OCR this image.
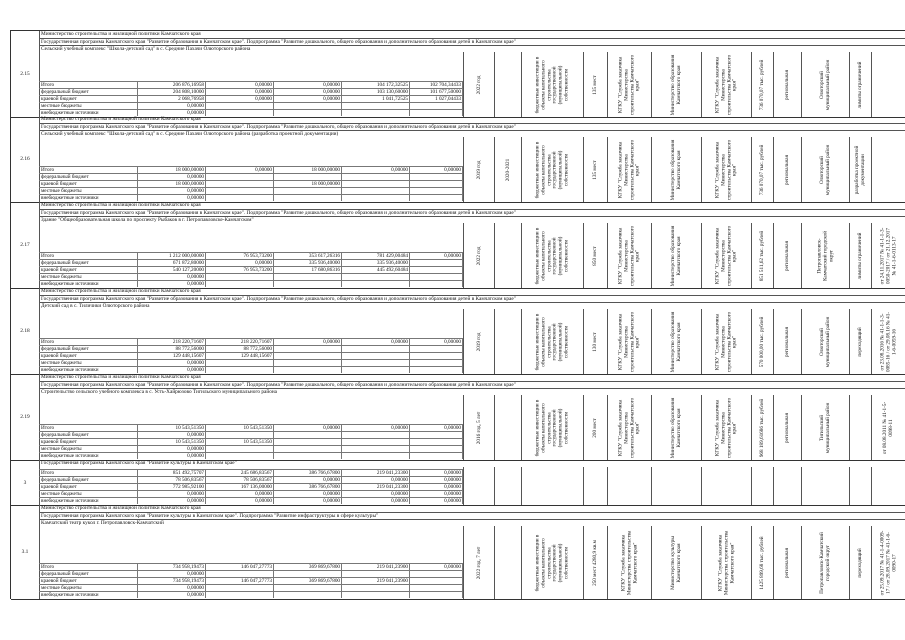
Министерство строительства и жилищной политики Камчатского края
Государственная программа Камчатского края "Развитие образования в Камчатском крае". Подпрограмма "Развитие дошкольного, общего образования и дополнительного образования детей в Камчатском крае"
Сельский учебный комплекс "Школа-детский сад" в с. Средние Пахачи Олюторского района
2.15
Итого	206 876,16958	0,00000	0,00000	104 172,32525	102 704,34433
федеральный бюджет	204 808,10000	0,00000	0,00000	103 130,60000	101 677,50000
краевой бюджет	2 068,76958	0,00000	0,00000	1 041,72525	1 027,04433
местные бюджеты	0,00000
внебюджетные источники	0,00000
2022 год	бюджетные инвестиции в объекты капитального строительства государственной (муниципальной) собственности	135 мест	КГКУ "Служба заказчика Министерства строительства Камчатского края"	Министерство образования Камчатского края	КГКУ "Служба заказчика Министерства строительства Камчатского края"	736 070,07 тыс. рублей	региональная	Олюторский муниципальный район	лимиты ограничений
Министерство строительства и жилищной политики Камчатского края
Государственная программа Камчатского края "Развитие образования в Камчатском крае". Подпрограмма "Развитие дошкольного, общего образования и дополнительного образования детей в Камчатском крае"
Сельский учебный комплекс "Школа-детский сад" в с. Средние Пахачи Олюторского района (разработка проектной документации)
2.16
Итого	18 000,00000	0,00000	18 000,00000	0,00000	0,00000
федеральный бюджет	0,00000
краевой бюджет	18 000,00000	18 000,00000
местные бюджеты	0,00000
внебюджетные источники	0,00000
2019 год	2020-2021	бюджетные инвестиции в объекты капитального строительства государственной (муниципальной) собственности	135 мест	КГКУ "Служба заказчика Министерства строительства Камчатского края"	Министерство образования Камчатского края	КГКУ "Служба заказчика Министерства строительства Камчатского края"	736 070,07 тыс. рублей	региональная	Олюторский муниципальный район	разработка проектной документации
Министерство строительства и жилищной политики Камчатского края
Государственная программа Камчатского края "Развитие образования в Камчатском крае". Подпрограмма "Развитие дошкольного, общего образования и дополнительного образования детей в Камчатском крае"
Здание "Общеобразовательная школа по проспекту Рыбаков в г. Петропавловске-Камчатском"
2.17
Итого	1 212 000,00000	76 953,73200	353 617,26316	781 429,00484	0,00000
федеральный бюджет	671 872,80000	0,00000	335 936,40000	335 936,40000
краевой бюджет	540 127,20000	76 953,73200	17 680,86316	445 492,60484
местные бюджеты	0,00000
внебюджетные источники	0,00000
2022 год	бюджетные инвестиции в объекты капитального строительства государственной (муниципальной) собственности	850 мест	КГКУ "Служба заказчика Министерства строительства Камчатского края"	Министерство образования Камчатского края	КГКУ "Служба заказчика Министерства строительства Камчатского края"	851 511,62 тыс. рублей	региональная	Петропавловск-Камчатский городской округ	лимиты ограничений	от 24.11.2017 № 41-1-1-3-0050-2017 / от 21.12.2017 № 41-1-6-0113-17
Министерство строительства и жилищной политики Камчатского края
Государственная программа Камчатского края "Развитие образования в Камчатском крае". Подпрограмма "Развитие дошкольного, общего образования и дополнительного образования детей в Камчатском крае"
Детский сад в с. Тиличики Олюторского района
2.18
Итого	218 220,71607	218 220,71607	0,00000	0,00000	0,00000
федеральный бюджет	88 772,56000	88 772,56000
краевой бюджет	129 448,15607	129 448,15607
местные бюджеты	0,00000
внебюджетные источники	0,00000
2019 год	бюджетные инвестиции в объекты капитального строительства государственной (муниципальной) собственности	130 мест	КГКУ "Служба заказчика Министерства строительства Камчатского края"	Министерство образования Камчатского края	КГКУ "Служба заказчика Министерства строительства Камчатского края"	570 000,00 тыс. рублей	региональная	Олюторский муниципальный район	переходящий	от 23.08.2016 № 41-1-1-3-0085-16 / от 29.08.16 № 41-1-6-0059-16
Министерство строительства и жилищной политики Камчатского края
Государственная программа Камчатского края "Развитие образования в Камчатском крае". Подпрограмма "Развитие дошкольного, общего образования и дополнительного образования детей в Камчатском крае"
Строительство сельского учебного комплекса в с. Усть-Хайрюзово Тигильского муниципального района
2.19
Итого	10 543,51350	10 543,51350	0,00000	0,00000	0,00000
федеральный бюджет	0,00000
краевой бюджет	10 543,51350	10 543,51350
местные бюджеты	0,00000
внебюджетные источники	0,00000
2016 год, 5 лет	бюджетные инвестиции в объекты капитального строительства государственной (муниципальной) собственности	200 мест	КГКУ "Служба заказчика Министерства строительства Камчатского края"	Министерство образования Камчатского края	КГКУ "Служба заказчика Министерства строительства Камчатского края"	968 189,61686 тыс. рублей	региональная	Тигильский муниципальный район	от 08.08.2011 № 41-1-5-0098-11
Государственная программа Камчатского края "Развитие культуры в Камчатском крае"
3
Итого	851 492,75707	245 686,83567	386 766,67800	219 041,23300	0,00000
федеральный бюджет	78 506,83567	78 506,83567	0,00000	0,00000	0,00000
краевой бюджет	772 985,92100	167 136,00000	386 766,67800	219 041,23300	0,00000
местные бюджеты	0,00000	0,00000	0,00000	0,00000	0,00000
внебюджетные источники	0,00000	0,00000	0,00000	0,00000	0,00000
Министерство строительства и жилищной политики Камчатского края
Государственная программа Камчатского края "Развитие культуры в Камчатском крае". Подпрограмма "Развитие инфраструктуры в сфере культуры"
Камчатский театр кукол г. Петропавловск-Камчатский
3.1
Итого	734 958,19473	146 047,27773	369 869,67800	219 041,23900	0,00000
федеральный бюджет	0,00000
краевой бюджет	734 958,19473	146 047,27773	369 869,67800	219 041,23900
местные бюджеты	0,00000
внебюджетные источники	0,00000
2022 год, 7 лет	бюджетные инвестиции в объекты капитального строительства государственной (муниципальной) собственности	250 мест 4280,9 кв.м	КГКУ "Служба заказчика Министерства строительства Камчатского края"	Министерство культуры Камчатского края	КГКУ "Служба заказчика Министерства строительства Камчатского края"	1425 899,68 тыс. рублей	региональная	Петропавловск-Камчатский городской округ	переходящий	от 25.09.2017 № 41-1-4-0009-17 / от 28.09.2017 № 41-1-6-0090-17
